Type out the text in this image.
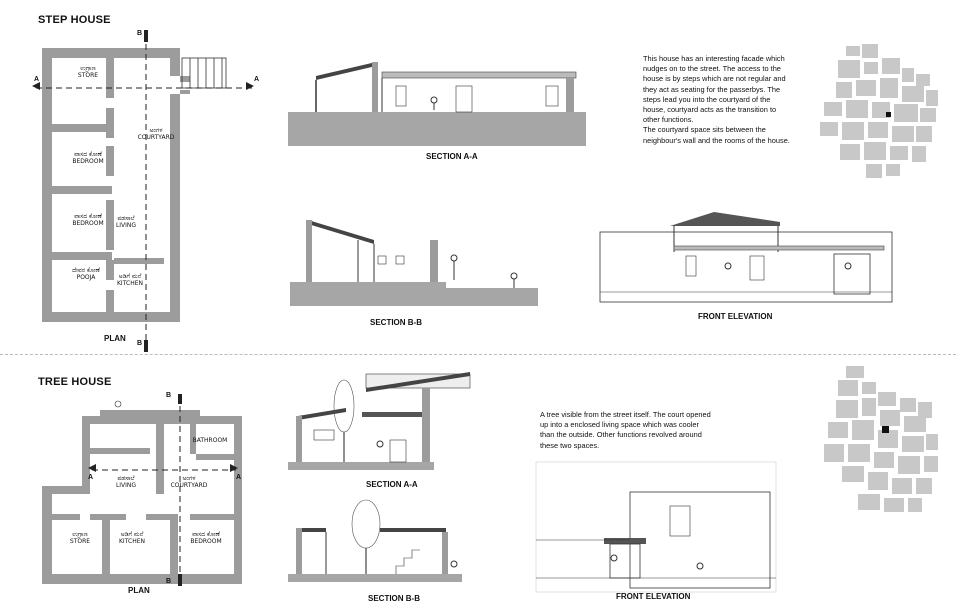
STEP HOUSE
A	A
B
B
ಉಗ್ರಾಣ
STORE
ಅಂಗಳ
COURTYARD
ವಾಸದ ಕೋಣೆ
BEDROOM
ವಾಸದ ಕೋಣೆ
BEDROOM
ಪಡಸಾಲೆ
LIVING
ದೇವರ ಕೋಣೆ
POOJA	ಅಡಿಗೆ ಮನೆ
KITCHEN
PLAN
SECTION A-A
SECTION B-B
FRONT ELEVATION
This house has an interesting facade which
nudges on to the street. The access to the
house is by steps which are not regular and
they act as seating for the passerbys. The
steps lead you into the courtyard of the
house, courtyard acts as the transition to
other functions.
The courtyard space sits between the
neighbour's wall and the rooms of the house.
TREE HOUSE
A	A
B
B
BATHROOM
ಪಡಸಾಲೆ
LIVING
ಅಂಗಳ
COURTYARD
ಉಗ್ರಾಣ
STORE
ಅಡಿಗೆ ಮನೆ
KITCHEN
ವಾಸದ ಕೋಣೆ
BEDROOM
PLAN
SECTION A-A
SECTION B-B	FRONT ELEVATION
A tree visible from the street itself. The court opened
up into a enclosed living space which was cooler
than the outside. Other functions revolved around
these two spaces.
